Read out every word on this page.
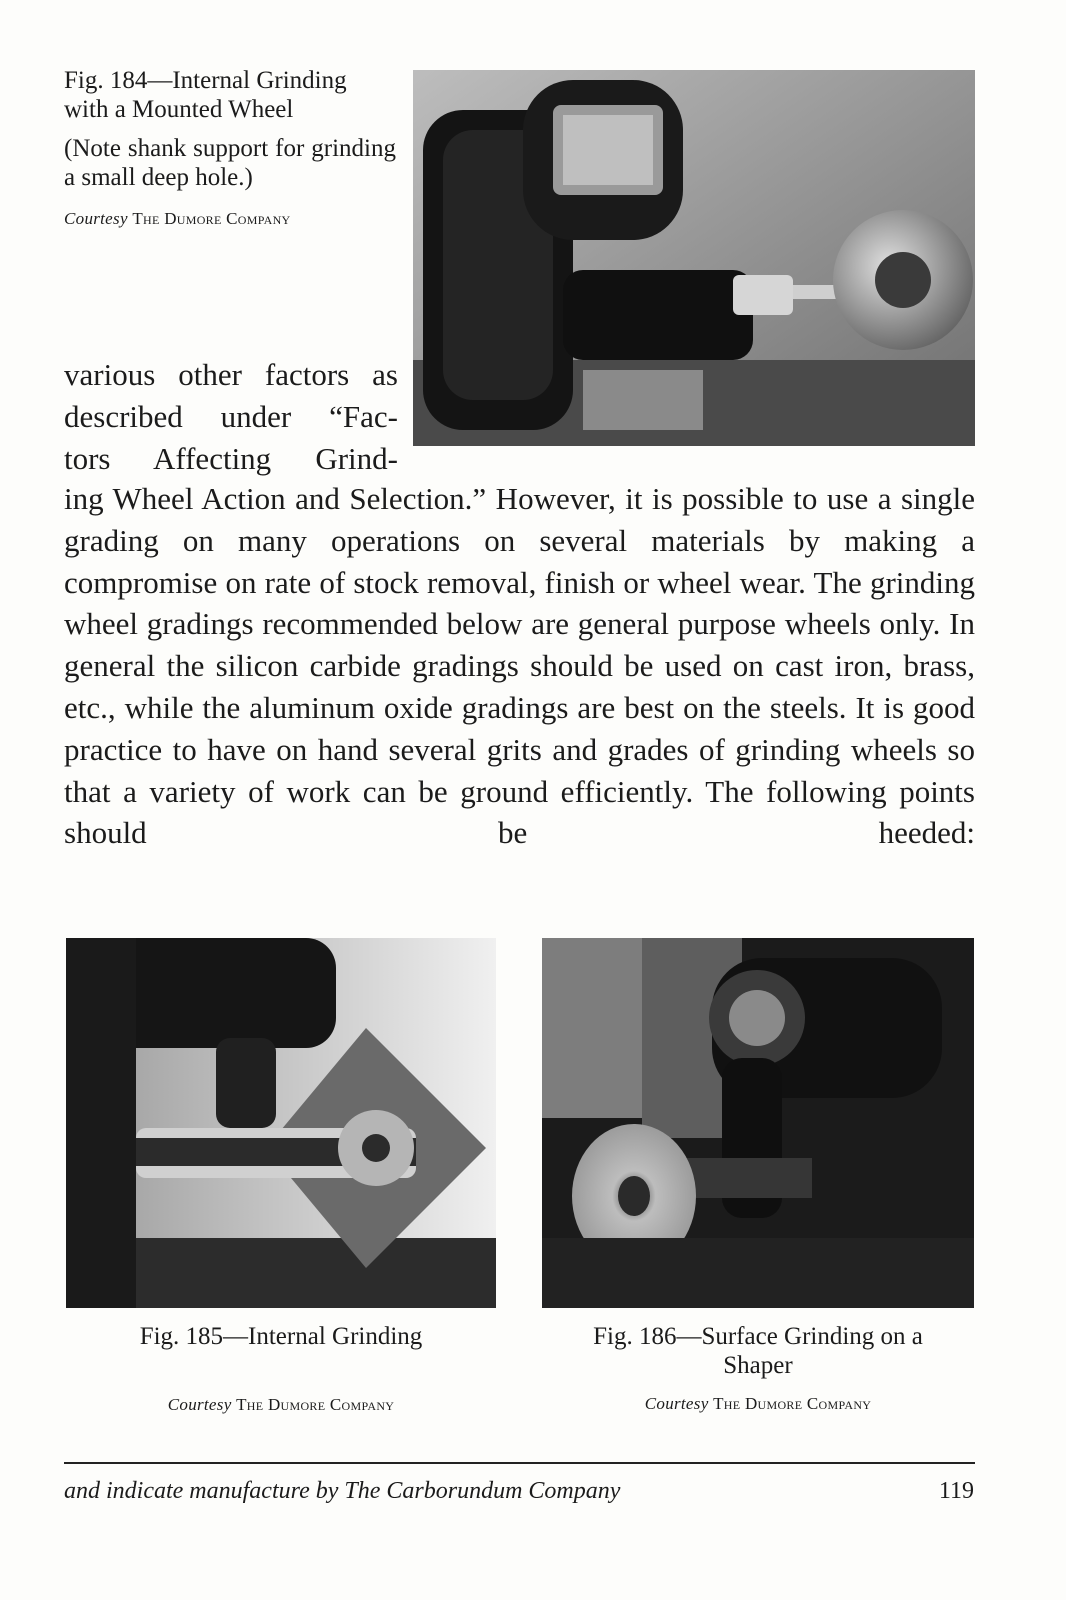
Fig. 184—Internal Grinding with a Mounted Wheel
(Note shank support for grinding a small deep hole.)
Courtesy The Dumore Company
various other factors as
described under “Fac-
tors Affecting Grind-
ing Wheel Action and Selection.” However, it is possible to use a single grading on many operations on several materials by making a compromise on rate of stock removal, finish or wheel wear. The grinding wheel gradings recommended below are general purpose wheels only. In general the silicon carbide gradings should be used on cast iron, brass, etc., while the aluminum oxide gradings are best on the steels. It is good practice to have on hand several grits and grades of grinding wheels so that a variety of work can be ground efficiently. The following points should be heeded:
Fig. 185—Internal Grinding
Courtesy The Dumore Company
Fig. 186—Surface Grinding on a Shaper
Courtesy The Dumore Company
and indicate manufacture by The Carborundum Company	119
